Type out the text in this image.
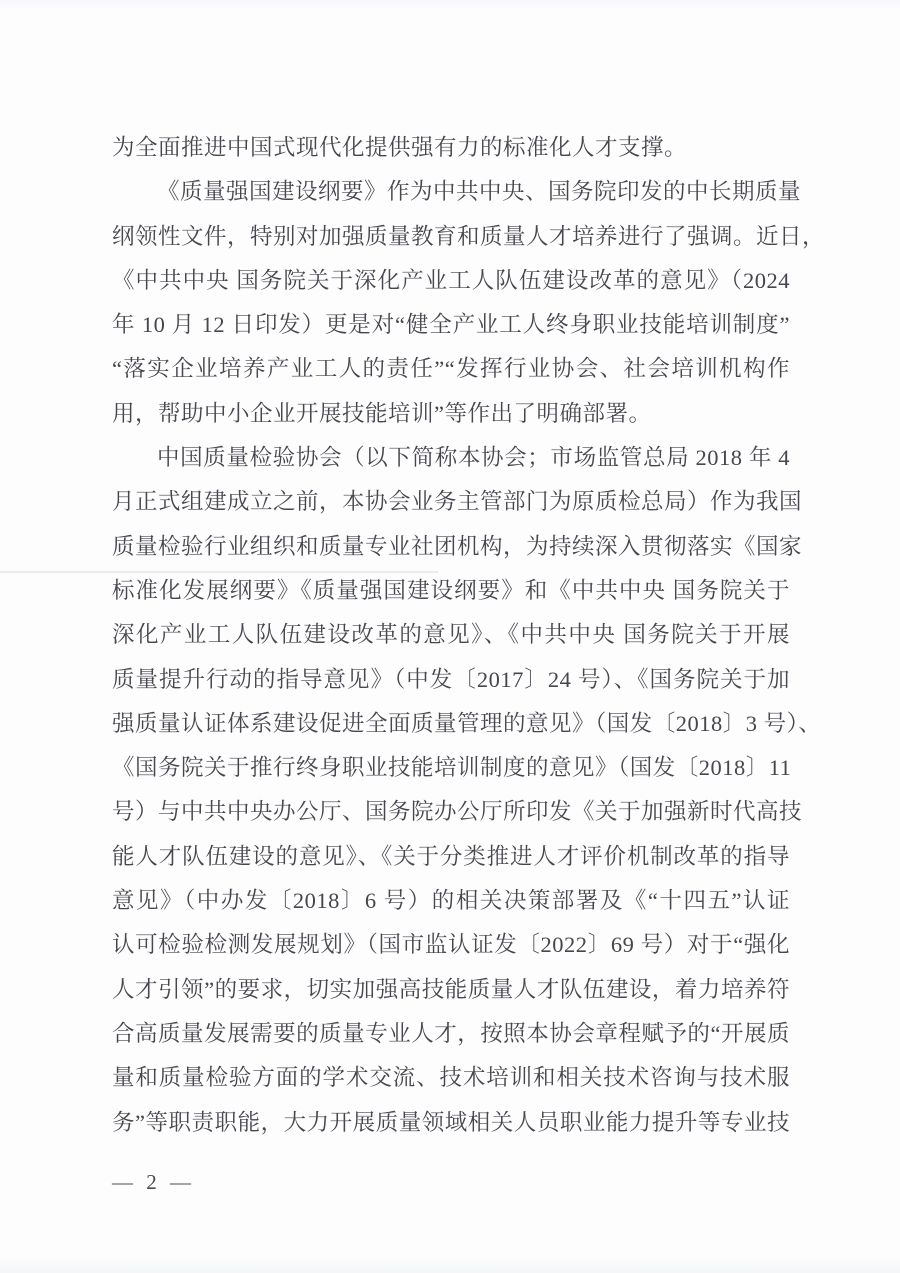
为全面推进中国式现代化提供强有力的标准化人才支撑。
《质量强国建设纲要》作为中共中央、国务院印发的中长期质量
纲领性文件，特别对加强质量教育和质量人才培养进行了强调。近日，
《中共中央 国务院关于深化产业工人队伍建设改革的意见》（2024
年 10 月 12 日印发）更是对“健全产业工人终身职业技能培训制度”
“落实企业培养产业工人的责任”“发挥行业协会、社会培训机构作
用，帮助中小企业开展技能培训”等作出了明确部署。
中国质量检验协会（以下简称本协会；市场监管总局 2018 年 4
月正式组建成立之前，本协会业务主管部门为原质检总局）作为我国
质量检验行业组织和质量专业社团机构，为持续深入贯彻落实《国家
标准化发展纲要》《质量强国建设纲要》和《中共中央 国务院关于
深化产业工人队伍建设改革的意见》、《中共中央 国务院关于开展
质量提升行动的指导意见》（中发〔2017〕24 号）、《国务院关于加
强质量认证体系建设促进全面质量管理的意见》（国发〔2018〕3 号）、
《国务院关于推行终身职业技能培训制度的意见》（国发〔2018〕11
号）与中共中央办公厅、国务院办公厅所印发《关于加强新时代高技
能人才队伍建设的意见》、《关于分类推进人才评价机制改革的指导
意见》（中办发〔2018〕6 号）的相关决策部署及《“十四五”认证
认可检验检测发展规划》（国市监认证发〔2022〕69 号）对于“强化
人才引领”的要求，切实加强高技能质量人才队伍建设，着力培养符
合高质量发展需要的质量专业人才，按照本协会章程赋予的“开展质
量和质量检验方面的学术交流、技术培训和相关技术咨询与技术服
务”等职责职能，大力开展质量领域相关人员职业能力提升等专业技
— 2 —
